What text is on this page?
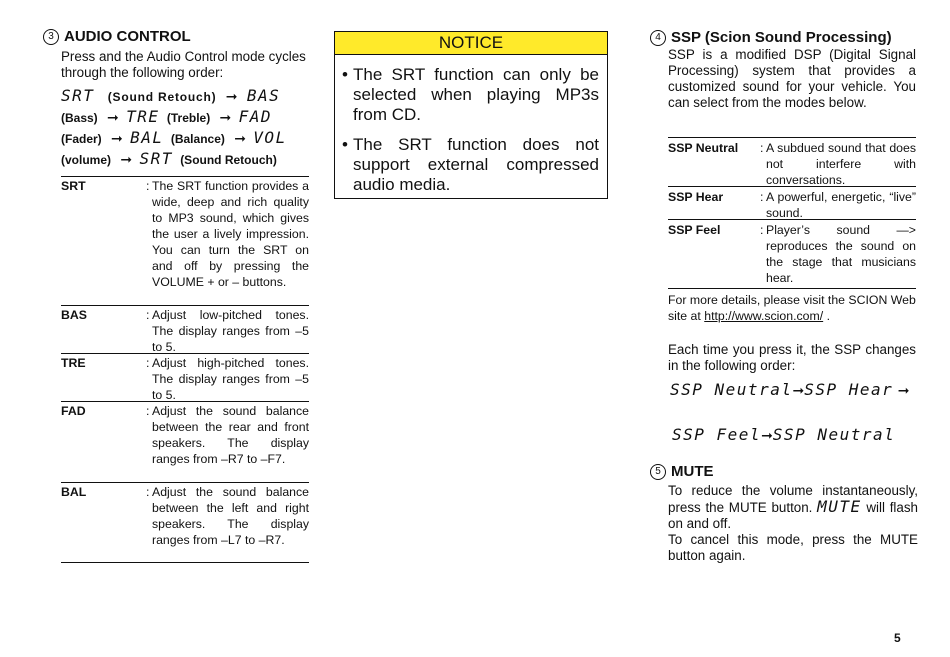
3 AUDIO CONTROL
Press and the Audio Control mode cycles through the following order:
SRT (Sound Retouch) ➞ BAS
(Bass) ➞ TRE (Treble) ➞ FAD
(Fader) ➞ BAL (Balance) ➞ VOL
(volume) ➞ SRT (Sound Retouch)
SRT	: The SRT function provides a wide, deep and rich quality to MP3 sound, which gives the user a lively impression. You can turn the SRT on and off by pressing the VOLUME + or – buttons.
BAS	: Adjust low-pitched tones. The display ranges from –5 to 5.
TRE	: Adjust high-pitched tones. The display ranges from –5 to 5.
FAD	: Adjust the sound balance between the rear and front speakers. The display ranges from –R7 to –F7.
BAL	: Adjust the sound balance between the left and right speakers. The display ranges from –L7 to –R7.
NOTICE
• The SRT function can only be selected when playing MP3s from CD.
• The SRT function does not support external compressed audio media.
4 SSP (Scion Sound Processing)
SSP is a modified DSP (Digital Signal Processing) system that provides a customized sound for your vehicle. You can select from the modes below.
SSP Neutral : A subdued sound that does not interfere with conversations.
SSP Hear	: A powerful, energetic, “live” sound.
SSP Feel	: Player’s sound —> reproduces the sound on the stage that musicians hear.
For more details, please visit the SCION Web site at http://www.scion.com/ .
Each time you press it, the SSP changes in the following order:
SSP Neutral➞SSP Hear ➞
SSP Feel➞SSP Neutral
5 MUTE
To reduce the volume instantaneously, press the MUTE button. MUTE will flash on and off.
To cancel this mode, press the MUTE button again.
5
